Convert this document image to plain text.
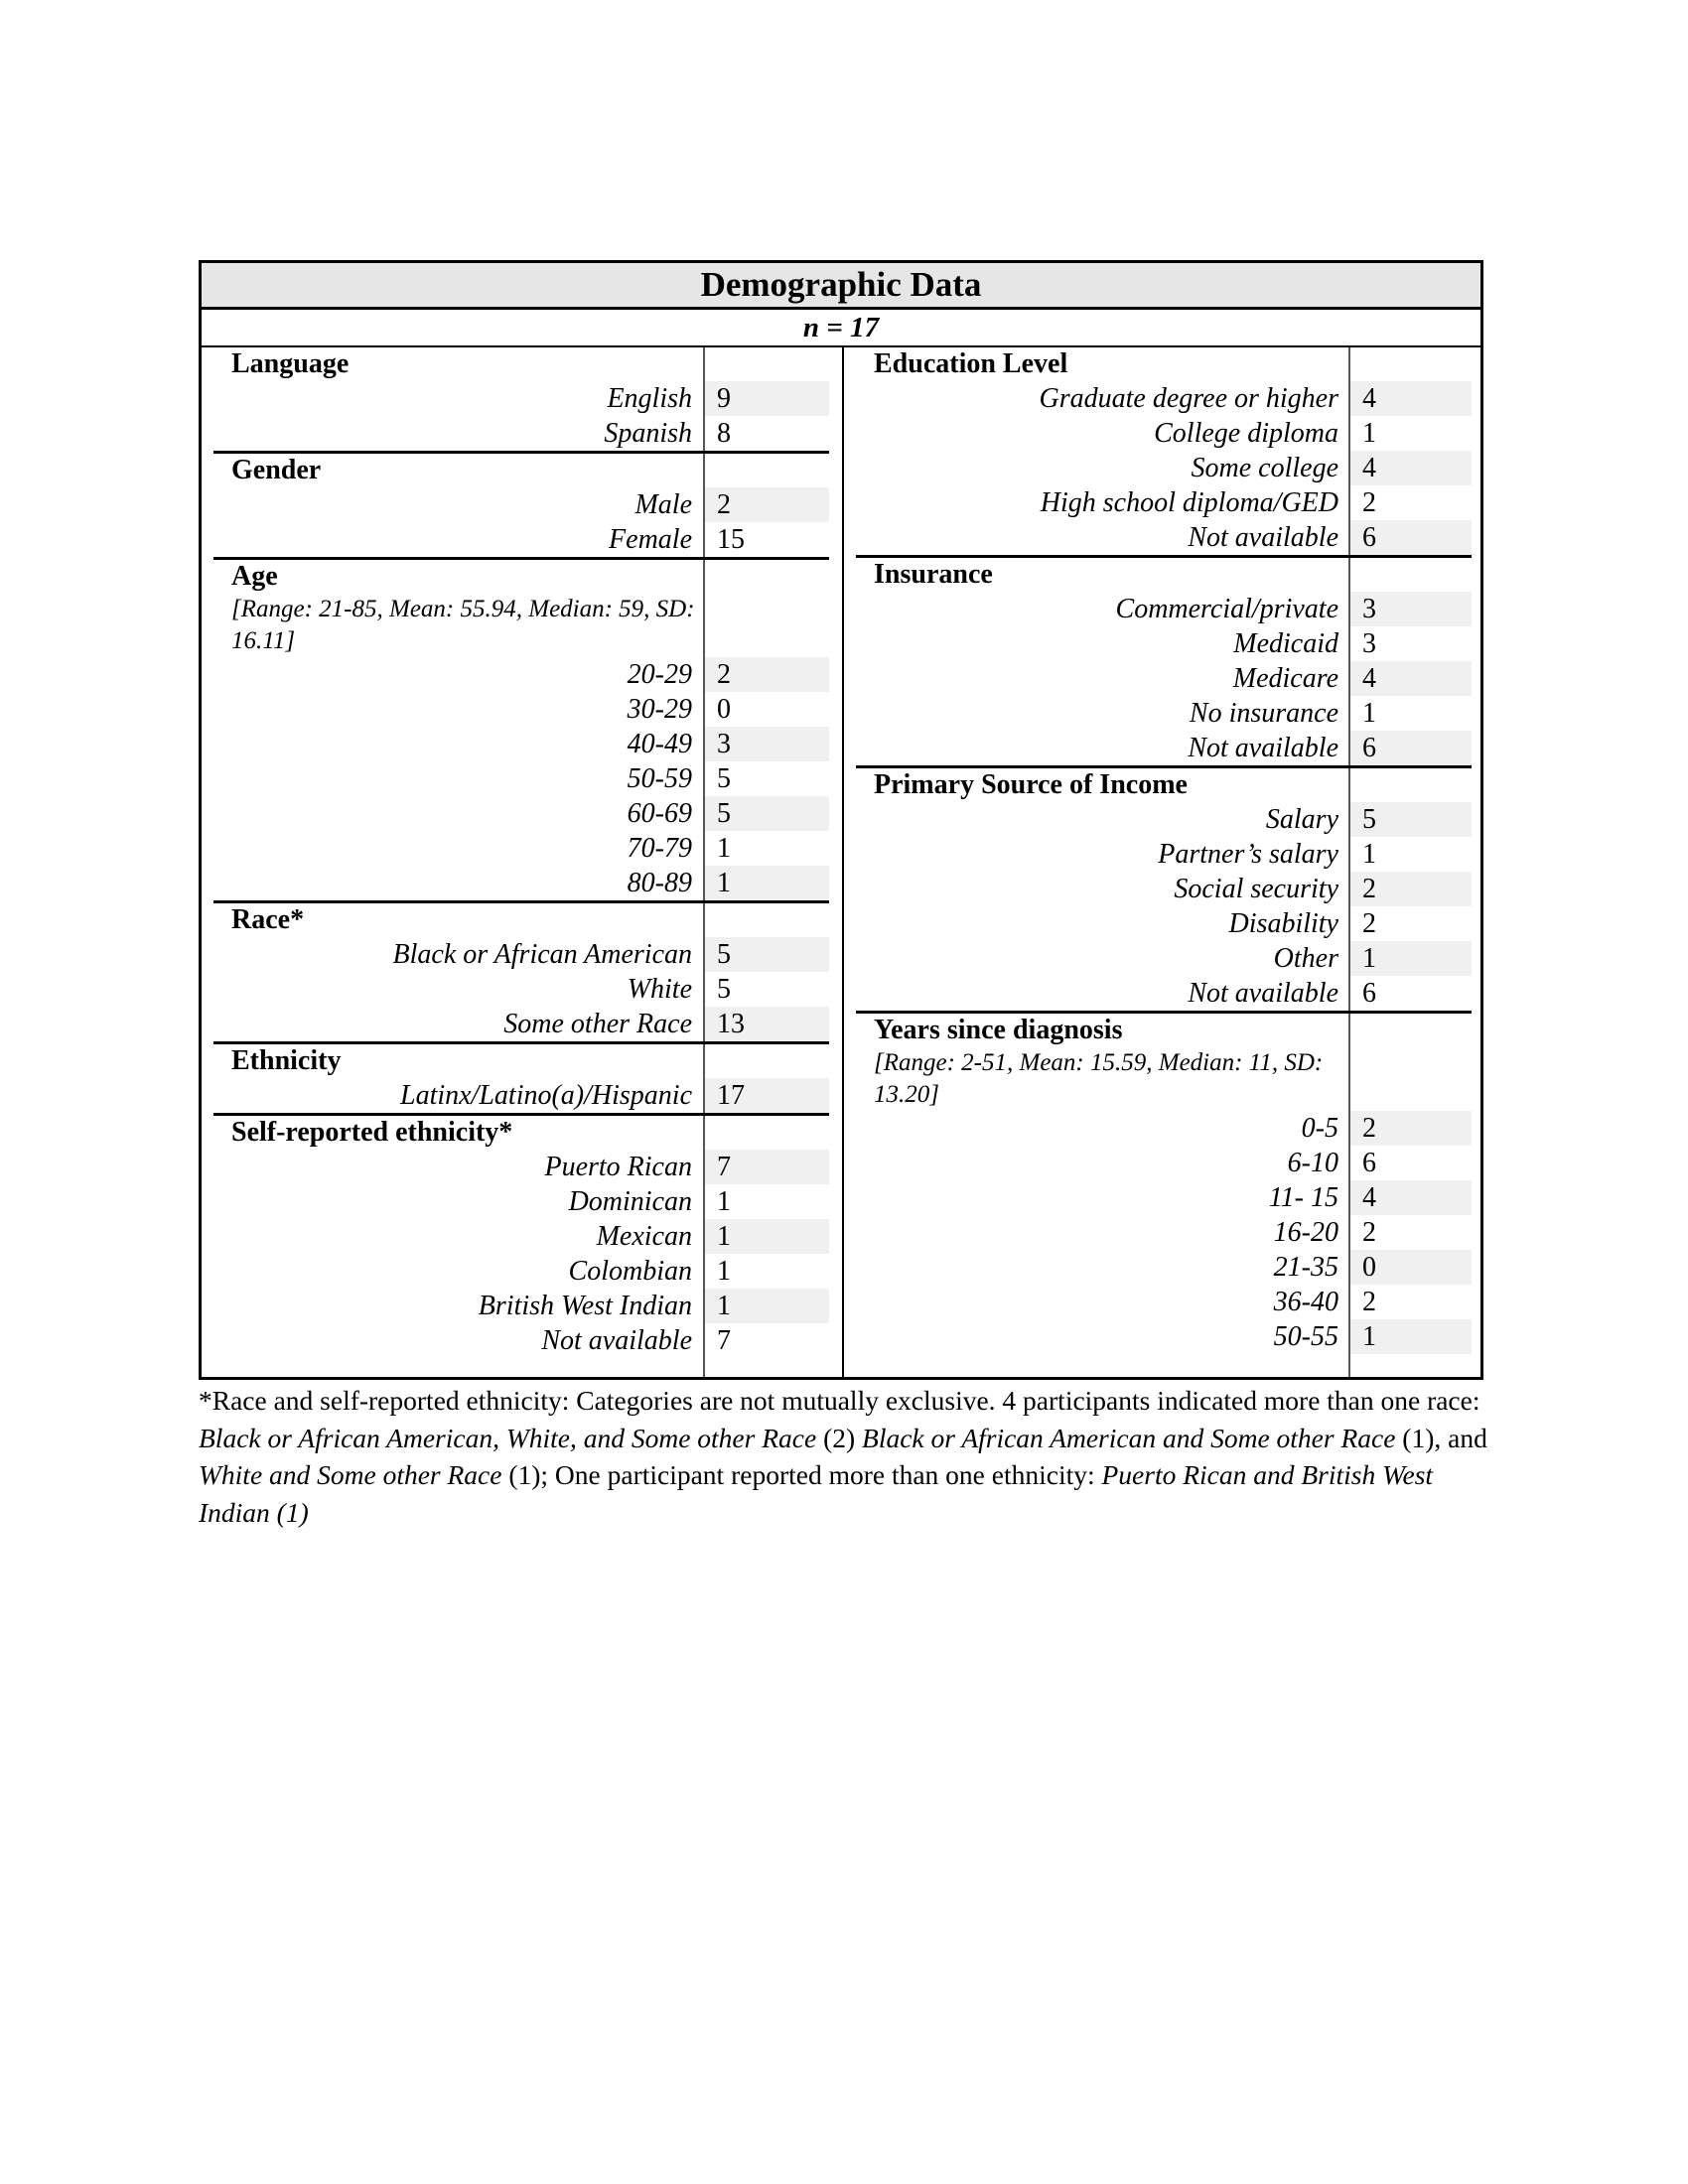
Demographic Data
n = 17
Language
English 9
Spanish 8
Gender
Male 2
Female 15
Age
[Range: 21-85, Mean: 55.94, Median: 59, SD: 16.11]
20-29 2
30-29 0
40-49 3
50-59 5
60-69 5
70-79 1
80-89 1
Race*
Black or African American 5
White 5
Some other Race 13
Ethnicity
Latinx/Latino(a)/Hispanic 17
Self-reported ethnicity*
Puerto Rican 7
Dominican 1
Mexican 1
Colombian 1
British West Indian 1
Not available 7
Education Level
Graduate degree or higher 4
College diploma 1
Some college 4
High school diploma/GED 2
Not available 6
Insurance
Commercial/private 3
Medicaid 3
Medicare 4
No insurance 1
Not available 6
Primary Source of Income
Salary 5
Partner’s salary 1
Social security 2
Disability 2
Other 1
Not available 6
Years since diagnosis
[Range: 2-51, Mean: 15.59, Median: 11, SD: 13.20]
0-5 2
6-10 6
11- 15 4
16-20 2
21-35 0
36-40 2
50-55 1
*Race and self-reported ethnicity: Categories are not mutually exclusive. 4 participants indicated more than one race: Black or African American, White, and Some other Race (2) Black or African American and Some other Race (1), and White and Some other Race (1); One participant reported more than one ethnicity: Puerto Rican and British West Indian (1)
